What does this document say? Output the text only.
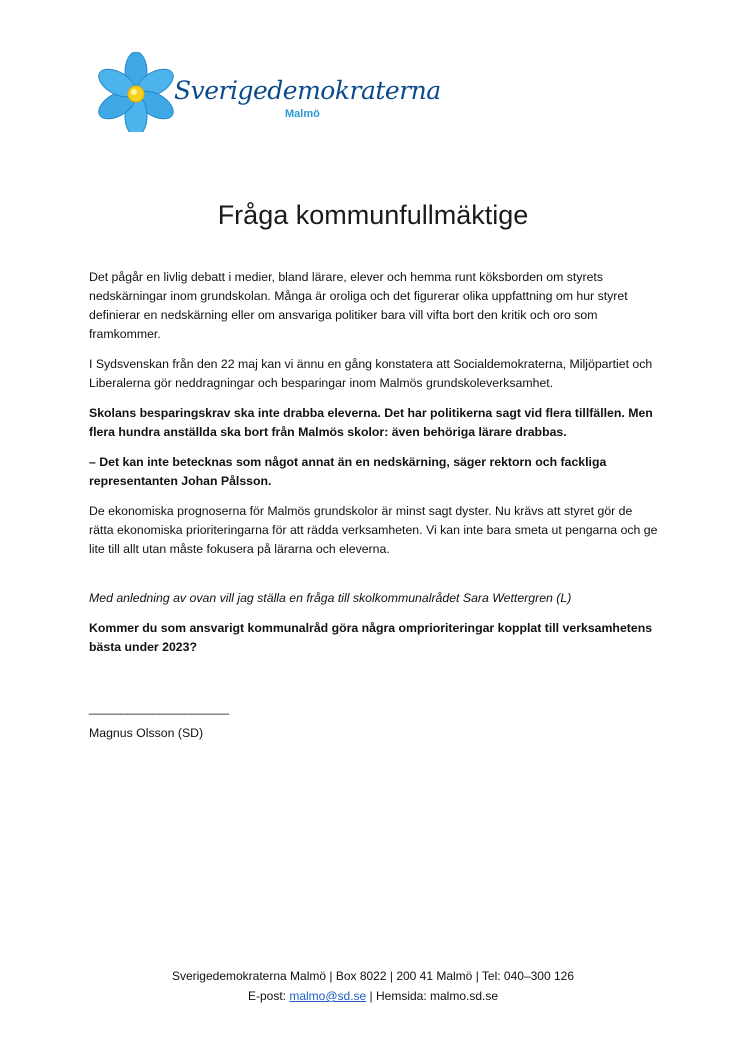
Sverigedemokraterna
Malmö
Fråga kommunfullmäktige

Det pågår en livlig debatt i medier, bland lärare, elever och hemma runt köksborden om styrets nedskärningar inom grundskolan. Många är oroliga och det figurerar olika uppfattning om hur styret definierar en nedskärning eller om ansvariga politiker bara vill vifta bort den kritik och oro som framkommer.

I Sydsvenskan från den 22 maj kan vi ännu en gång konstatera att Socialdemokraterna, Miljöpartiet och Liberalerna gör neddragningar och besparingar inom Malmös grundskoleverksamhet.

Skolans besparingskrav ska inte drabba eleverna. Det har politikerna sagt vid flera tillfällen. Men flera hundra anställda ska bort från Malmös skolor: även behöriga lärare drabbas.

– Det kan inte betecknas som något annat än en nedskärning, säger rektorn och fackliga representanten Johan Pålsson.

De ekonomiska prognoserna för Malmös grundskolor är minst sagt dyster. Nu krävs att styret gör de rätta ekonomiska prioriteringarna för att rädda verksamheten. Vi kan inte bara smeta ut pengarna och ge lite till allt utan måste fokusera på lärarna och eleverna.

Med anledning av ovan vill jag ställa en fråga till skolkommunalrådet Sara Wettergren (L)

Kommer du som ansvarigt kommunalråd göra några omprioriteringar kopplat till verksamhetens bästa under 2023?

______________________

Magnus Olsson (SD)

Sverigedemokraterna Malmö | Box 8022 | 200 41 Malmö | Tel: 040–300 126
E-post: malmo@sd.se | Hemsida: malmo.sd.se
